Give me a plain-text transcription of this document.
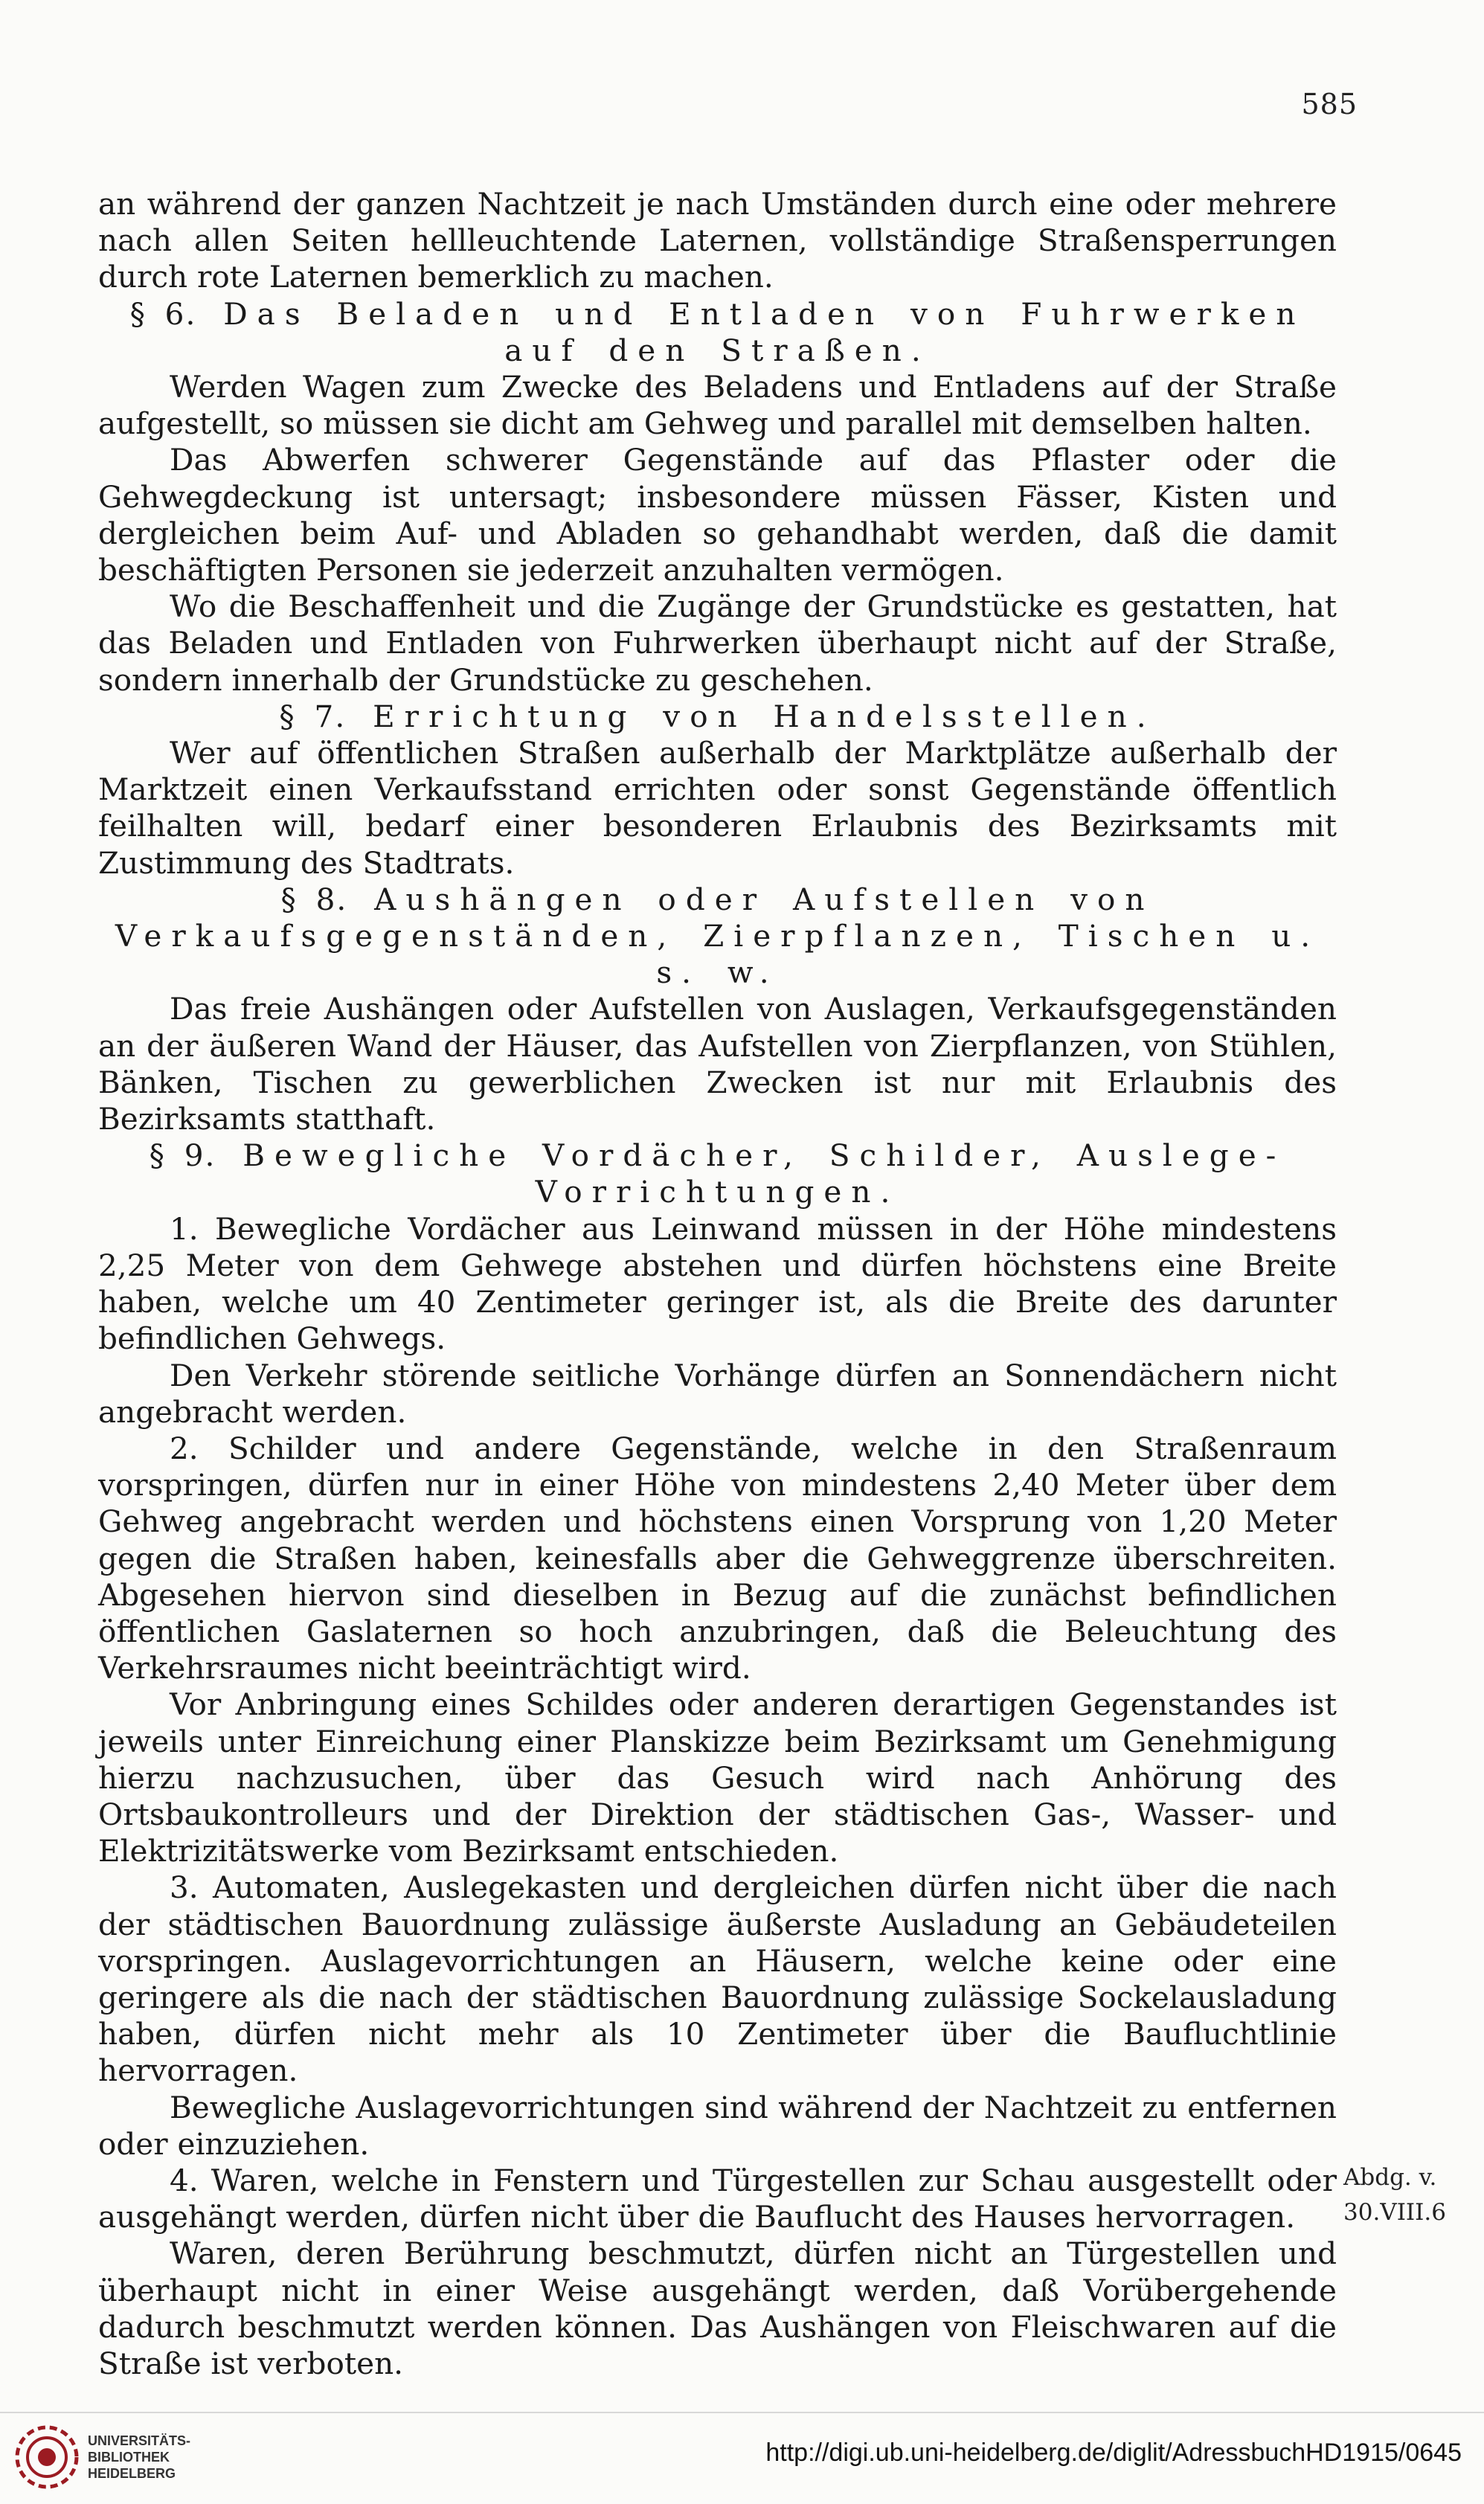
585

an während der ganzen Nachtzeit je nach Umständen durch eine oder mehrere nach allen Seiten hellleuchtende Laternen, vollständige Straßensperrungen durch rote Laternen bemerklich zu machen.

§ 6. Das Beladen und Entladen von Fuhrwerken auf den Straßen.

Werden Wagen zum Zwecke des Beladens und Entladens auf der Straße aufgestellt, so müssen sie dicht am Gehweg und parallel mit demselben halten.

Das Abwerfen schwerer Gegenstände auf das Pflaster oder die Gehwegdeckung ist untersagt; insbesondere müssen Fässer, Kisten und dergleichen beim Auf- und Abladen so gehandhabt werden, daß die damit beschäftigten Personen sie jederzeit anzuhalten vermögen.

Wo die Beschaffenheit und die Zugänge der Grundstücke es gestatten, hat das Beladen und Entladen von Fuhrwerken überhaupt nicht auf der Straße, sondern innerhalb der Grundstücke zu geschehen.

§ 7. Errichtung von Handelsstellen.

Wer auf öffentlichen Straßen außerhalb der Marktplätze außerhalb der Marktzeit einen Verkaufsstand errichten oder sonst Gegenstände öffentlich feilhalten will, bedarf einer besonderen Erlaubnis des Bezirksamts mit Zustimmung des Stadtrats.

§ 8. Aushängen oder Aufstellen von Verkaufsgegenständen, Zierpflanzen, Tischen u. s. w.

Das freie Aushängen oder Aufstellen von Auslagen, Verkaufsgegenständen an der äußeren Wand der Häuser, das Aufstellen von Zierpflanzen, von Stühlen, Bänken, Tischen zu gewerblichen Zwecken ist nur mit Erlaubnis des Bezirksamts statthaft.

§ 9. Bewegliche Vordächer, Schilder, Auslege-Vorrichtungen.

1. Bewegliche Vordächer aus Leinwand müssen in der Höhe mindestens 2,25 Meter von dem Gehwege abstehen und dürfen höchstens eine Breite haben, welche um 40 Zentimeter geringer ist, als die Breite des darunter befindlichen Gehwegs.

Den Verkehr störende seitliche Vorhänge dürfen an Sonnendächern nicht angebracht werden.

2. Schilder und andere Gegenstände, welche in den Straßenraum vorspringen, dürfen nur in einer Höhe von mindestens 2,40 Meter über dem Gehweg angebracht werden und höchstens einen Vorsprung von 1,20 Meter gegen die Straßen haben, keinesfalls aber die Gehweggrenze überschreiten. Abgesehen hiervon sind dieselben in Bezug auf die zunächst befindlichen öffentlichen Gaslaternen so hoch anzubringen, daß die Beleuchtung des Verkehrsraumes nicht beeinträchtigt wird.

Vor Anbringung eines Schildes oder anderen derartigen Gegenstandes ist jeweils unter Einreichung einer Planskizze beim Bezirksamt um Genehmigung hierzu nachzusuchen, über das Gesuch wird nach Anhörung des Ortsbaukontrolleurs und der Direktion der städtischen Gas-, Wasser- und Elektrizitätswerke vom Bezirksamt entschieden.

3. Automaten, Auslegekasten und dergleichen dürfen nicht über die nach der städtischen Bauordnung zulässige äußerste Ausladung an Gebäudeteilen vorspringen. Auslagevorrichtungen an Häusern, welche keine oder eine geringere als die nach der städtischen Bauordnung zulässige Sockelausladung haben, dürfen nicht mehr als 10 Zentimeter über die Baufluchtlinie hervorragen.

Bewegliche Auslagevorrichtungen sind während der Nachtzeit zu entfernen oder einzuziehen.

4. Waren, welche in Fenstern und Türgestellen zur Schau ausgestellt oder ausgehängt werden, dürfen nicht über die Bauflucht des Hauses hervorragen.

Waren, deren Berührung beschmutzt, dürfen nicht an Türgestellen und überhaupt nicht in einer Weise ausgehängt werden, daß Vorübergehende dadurch beschmutzt werden können. Das Aushängen von Fleischwaren auf die Straße ist verboten.

Abdg. v. 30.VIII.6
UNIVERSITÄTS-
BIBLIOTHEK
HEIDELBERG
http://digi.ub.uni-heidelberg.de/diglit/AdressbuchHD1915/0645
